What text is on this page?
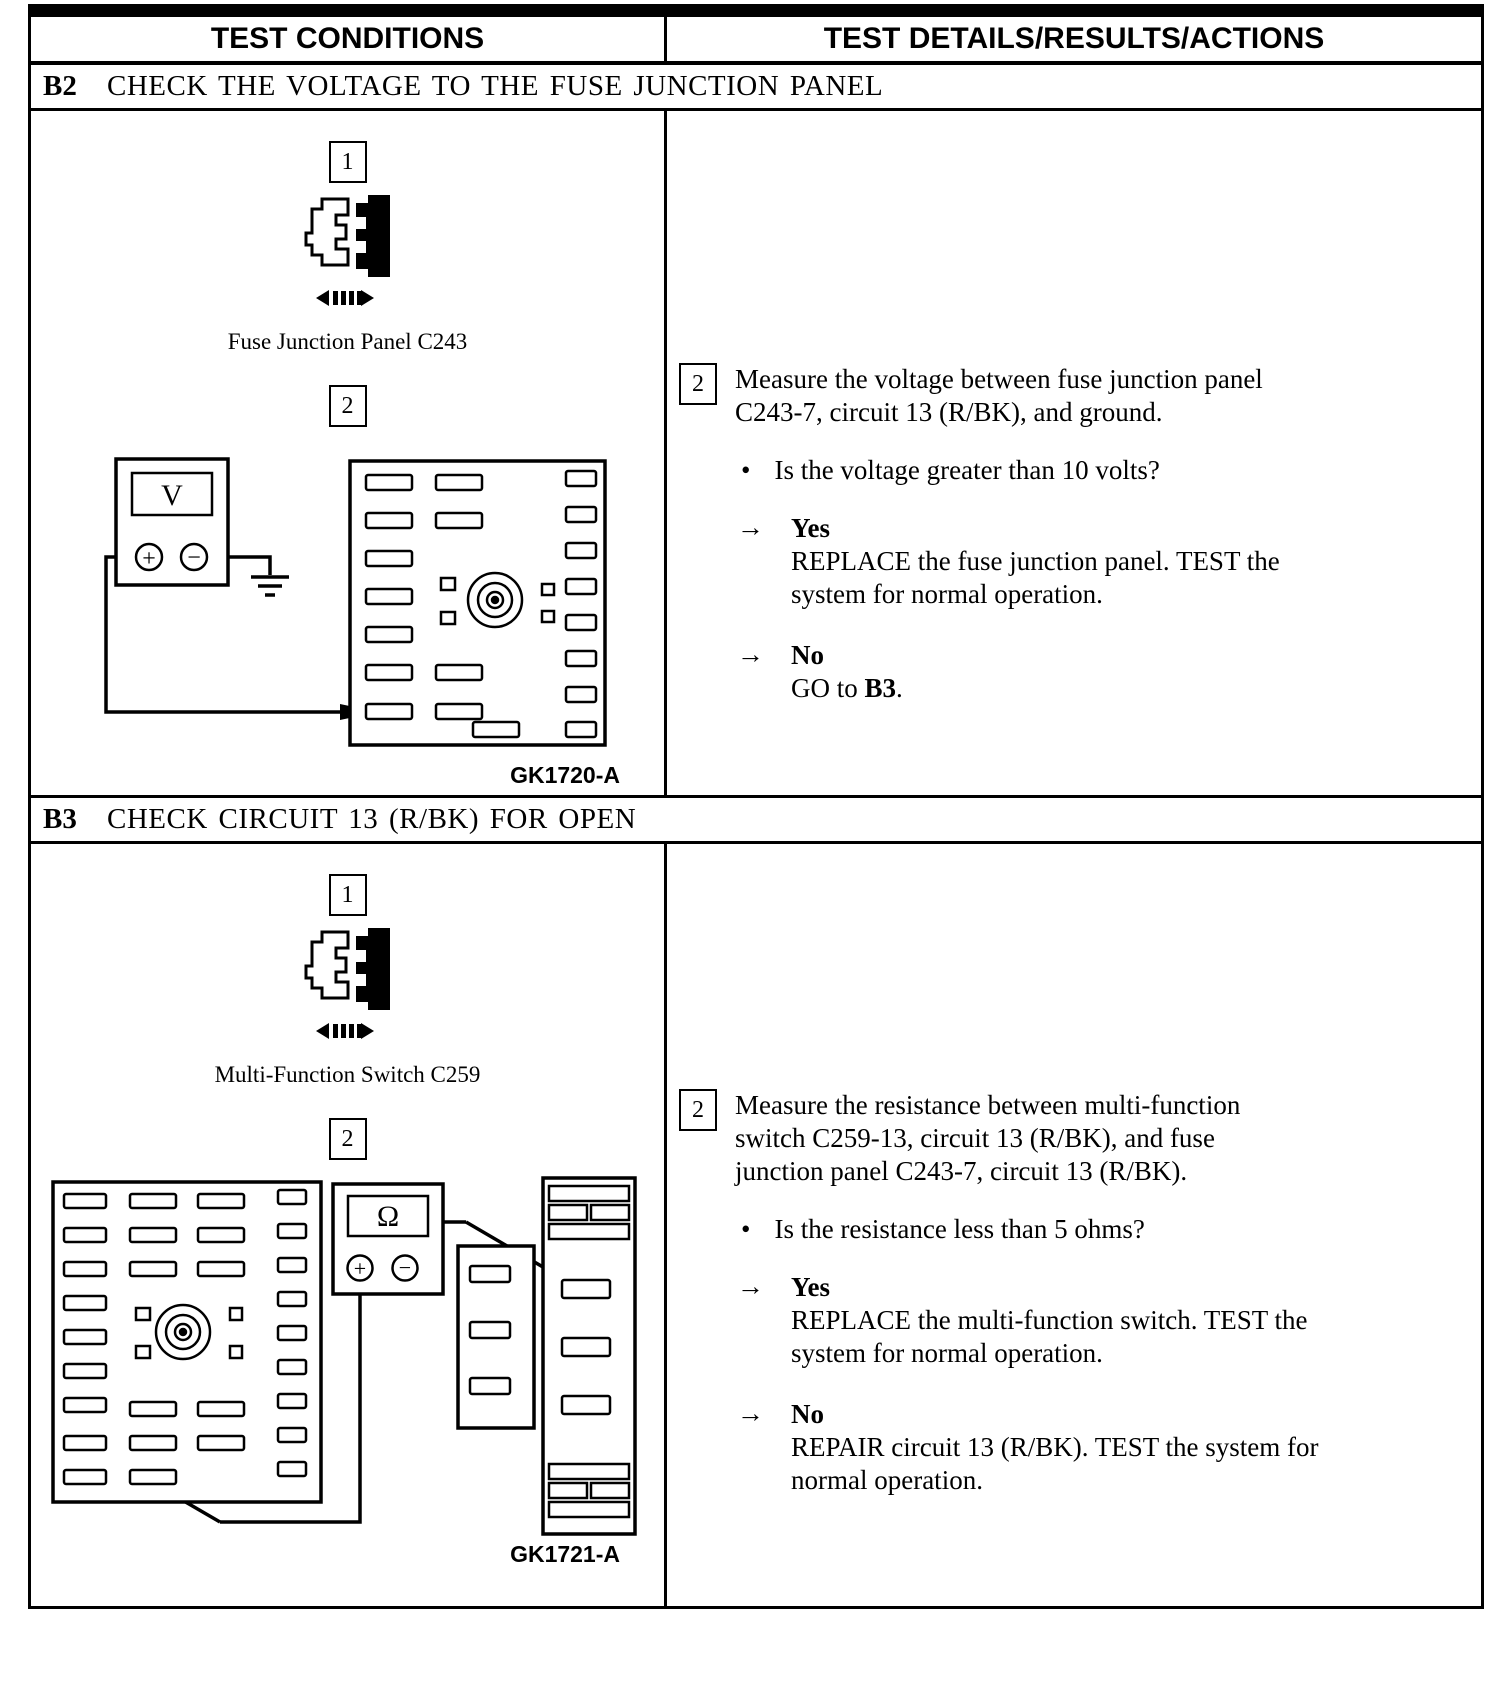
TEST CONDITIONS	TEST DETAILS/RESULTS/ACTIONS
B2	CHECK THE VOLTAGE TO THE FUSE JUNCTION PANEL
1
Fuse Junction Panel C243
2
V
+ −
GK1720-A
2 Measure the voltage between fuse junction panel C243-7, circuit 13 (R/BK), and ground.
• Is the voltage greater than 10 volts?
→	Yes
REPLACE the fuse junction panel. TEST the system for normal operation.
→	No
GO to B3.
B3	CHECK CIRCUIT 13 (R/BK) FOR OPEN
1
Multi-Function Switch C259
2
Ω
+ −
GK1721-A
2 Measure the resistance between multi-function switch C259-13, circuit 13 (R/BK), and fuse junction panel C243-7, circuit 13 (R/BK).
• Is the resistance less than 5 ohms?
→	Yes
REPLACE the multi-function switch. TEST the system for normal operation.
→	No
REPAIR circuit 13 (R/BK). TEST the system for normal operation.
